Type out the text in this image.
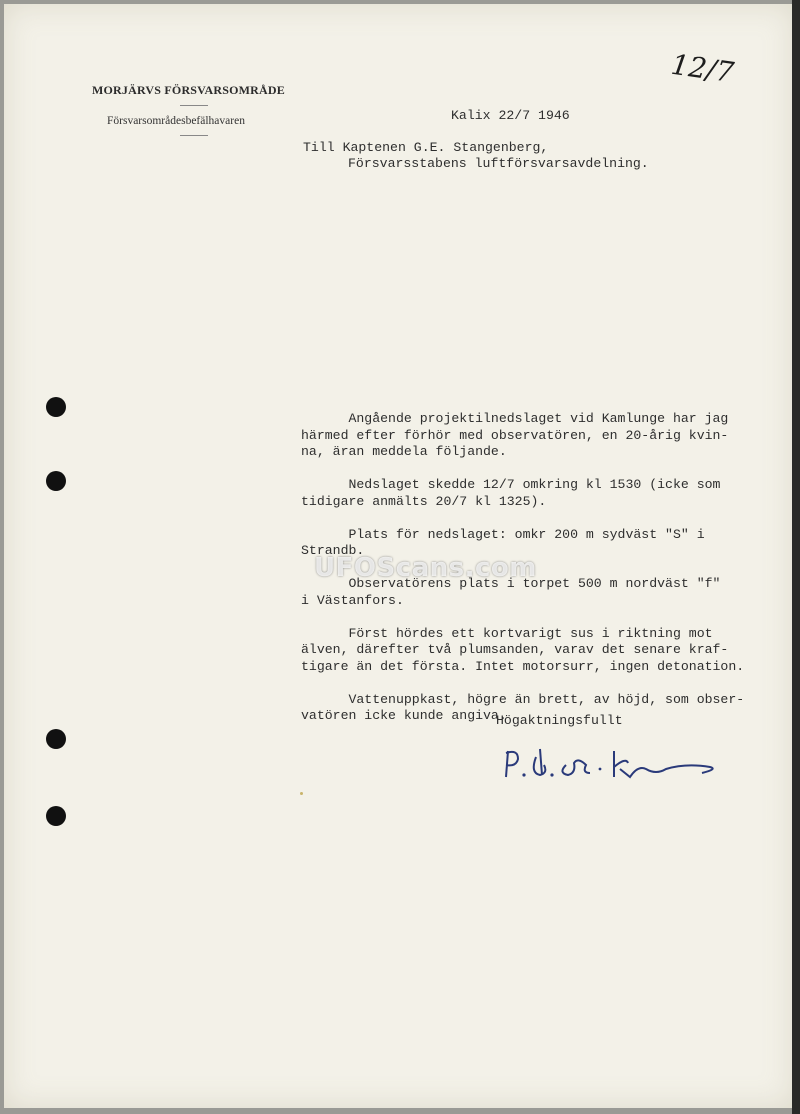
MORJÄRVS FÖRSVARSOMRÅDE
Försvarsområdesbefälhavaren
12/7
Kalix 22/7 1946
Till Kaptenen G.E. Stangenberg,
Försvarsstabens luftförsvarsavdelning.
Angående projektilnedslaget vid Kamlunge har jag
härmed efter förhör med observatören, en 20-årig kvin-
na, äran meddela följande.

Nedslaget skedde 12/7 omkring kl 1530 (icke som
tidigare anmälts 20/7 kl 1325).

Plats för nedslaget: omkr 200 m sydväst "S" i
Strandb.

Observatörens plats i torpet 500 m nordväst "f"
i Västanfors.

Först hördes ett kortvarigt sus i riktning mot
älven, därefter två plumsanden, varav det senare kraf-
tigare än det första. Intet motorsurr, ingen detonation.

Vattenuppkast, högre än brett, av höjd, som obser-
vatören icke kunde angiva.
Högaktningsfullt
UFOScans.com
